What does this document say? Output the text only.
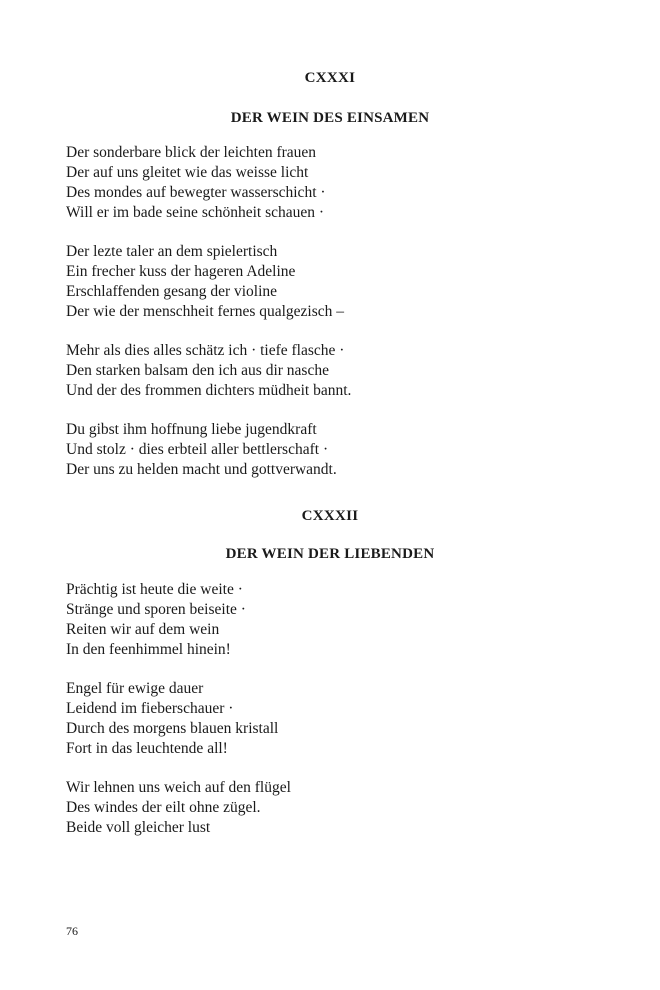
CXXXI
DER WEIN DES EINSAMEN
Der sonderbare blick der leichten frauen
Der auf uns gleitet wie das weisse licht
Des mondes auf bewegter wasserschicht ·
Will er im bade seine schönheit schauen ·
Der lezte taler an dem spielertisch
Ein frecher kuss der hageren Adeline
Erschlaffenden gesang der violine
Der wie der menschheit fernes qualgezisch –
Mehr als dies alles schätz ich · tiefe flasche ·
Den starken balsam den ich aus dir nasche
Und der des frommen dichters müdheit bannt.
Du gibst ihm hoffnung liebe jugendkraft
Und stolz · dies erbteil aller bettlerschaft ·
Der uns zu helden macht und gottverwandt.
CXXXII
DER WEIN DER LIEBENDEN
Prächtig ist heute die weite ·
Stränge und sporen beiseite ·
Reiten wir auf dem wein
In den feenhimmel hinein!
Engel für ewige dauer
Leidend im fieberschauer ·
Durch des morgens blauen kristall
Fort in das leuchtende all!
Wir lehnen uns weich auf den flügel
Des windes der eilt ohne zügel.
Beide voll gleicher lust
76
